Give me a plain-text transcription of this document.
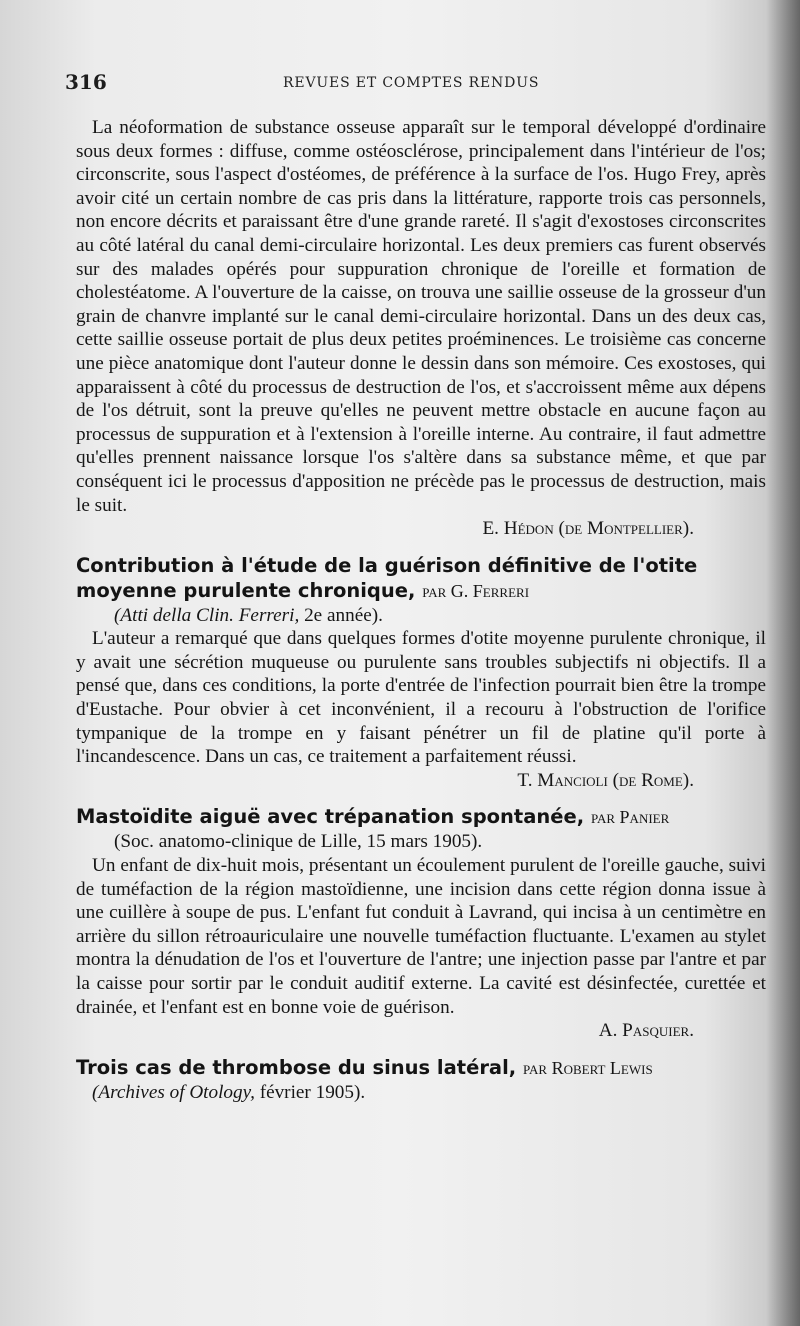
316	REVUES ET COMPTES RENDUS

La néoformation de substance osseuse apparaît sur le temporal développé d'ordinaire sous deux formes : diffuse, comme ostéosclérose, principalement dans l'intérieur de l'os; circonscrite, sous l'aspect d'ostéomes, de préférence à la surface de l'os. Hugo Frey, après avoir cité un certain nombre de cas pris dans la littérature, rapporte trois cas personnels, non encore décrits et paraissant être d'une grande rareté. Il s'agit d'exostoses circonscrites au côté latéral du canal demi-circulaire horizontal. Les deux premiers cas furent observés sur des malades opérés pour suppuration chronique de l'oreille et formation de cholestéatome. A l'ouverture de la caisse, on trouva une saillie osseuse de la grosseur d'un grain de chanvre implanté sur le canal demi-circulaire horizontal. Dans un des deux cas, cette saillie osseuse portait de plus deux petites proéminences. Le troisième cas concerne une pièce anatomique dont l'auteur donne le dessin dans son mémoire. Ces exostoses, qui apparaissent à côté du processus de destruction de l'os, et s'accroissent même aux dépens de l'os détruit, sont la preuve qu'elles ne peuvent mettre obstacle en aucune façon au processus de suppuration et à l'extension à l'oreille interne. Au contraire, il faut admettre qu'elles prennent naissance lorsque l'os s'altère dans sa substance même, et que par conséquent ici le processus d'apposition ne précède pas le processus de destruction, mais le suit.

E. Hédon (de Montpellier).

Contribution à l'étude de la guérison définitive de l'otite moyenne purulente chronique, par G. Ferreri

(Atti della Clin. Ferreri, 2e année).

L'auteur a remarqué que dans quelques formes d'otite moyenne purulente chronique, il y avait une sécrétion muqueuse ou purulente sans troubles subjectifs ni objectifs. Il a pensé que, dans ces conditions, la porte d'entrée de l'infection pourrait bien être la trompe d'Eustache. Pour obvier à cet inconvénient, il a recouru à l'obstruction de l'orifice tympanique de la trompe en y faisant pénétrer un fil de platine qu'il porte à l'incandescence. Dans un cas, ce traitement a parfaitement réussi.

T. Mancioli (de Rome).

Mastoïdite aiguë avec trépanation spontanée, par Panier

(Soc. anatomo-clinique de Lille, 15 mars 1905).

Un enfant de dix-huit mois, présentant un écoulement purulent de l'oreille gauche, suivi de tuméfaction de la région mastoïdienne, une incision dans cette région donna issue à une cuillère à soupe de pus. L'enfant fut conduit à Lavrand, qui incisa à un centimètre en arrière du sillon rétroauriculaire une nouvelle tuméfaction fluctuante. L'examen au stylet montra la dénudation de l'os et l'ouverture de l'antre; une injection passe par l'antre et par la caisse pour sortir par le conduit auditif externe. La cavité est désinfectée, curettée et drainée, et l'enfant est en bonne voie de guérison.

A. Pasquier.

Trois cas de thrombose du sinus latéral, par Robert Lewis

(Archives of Otology, février 1905).
